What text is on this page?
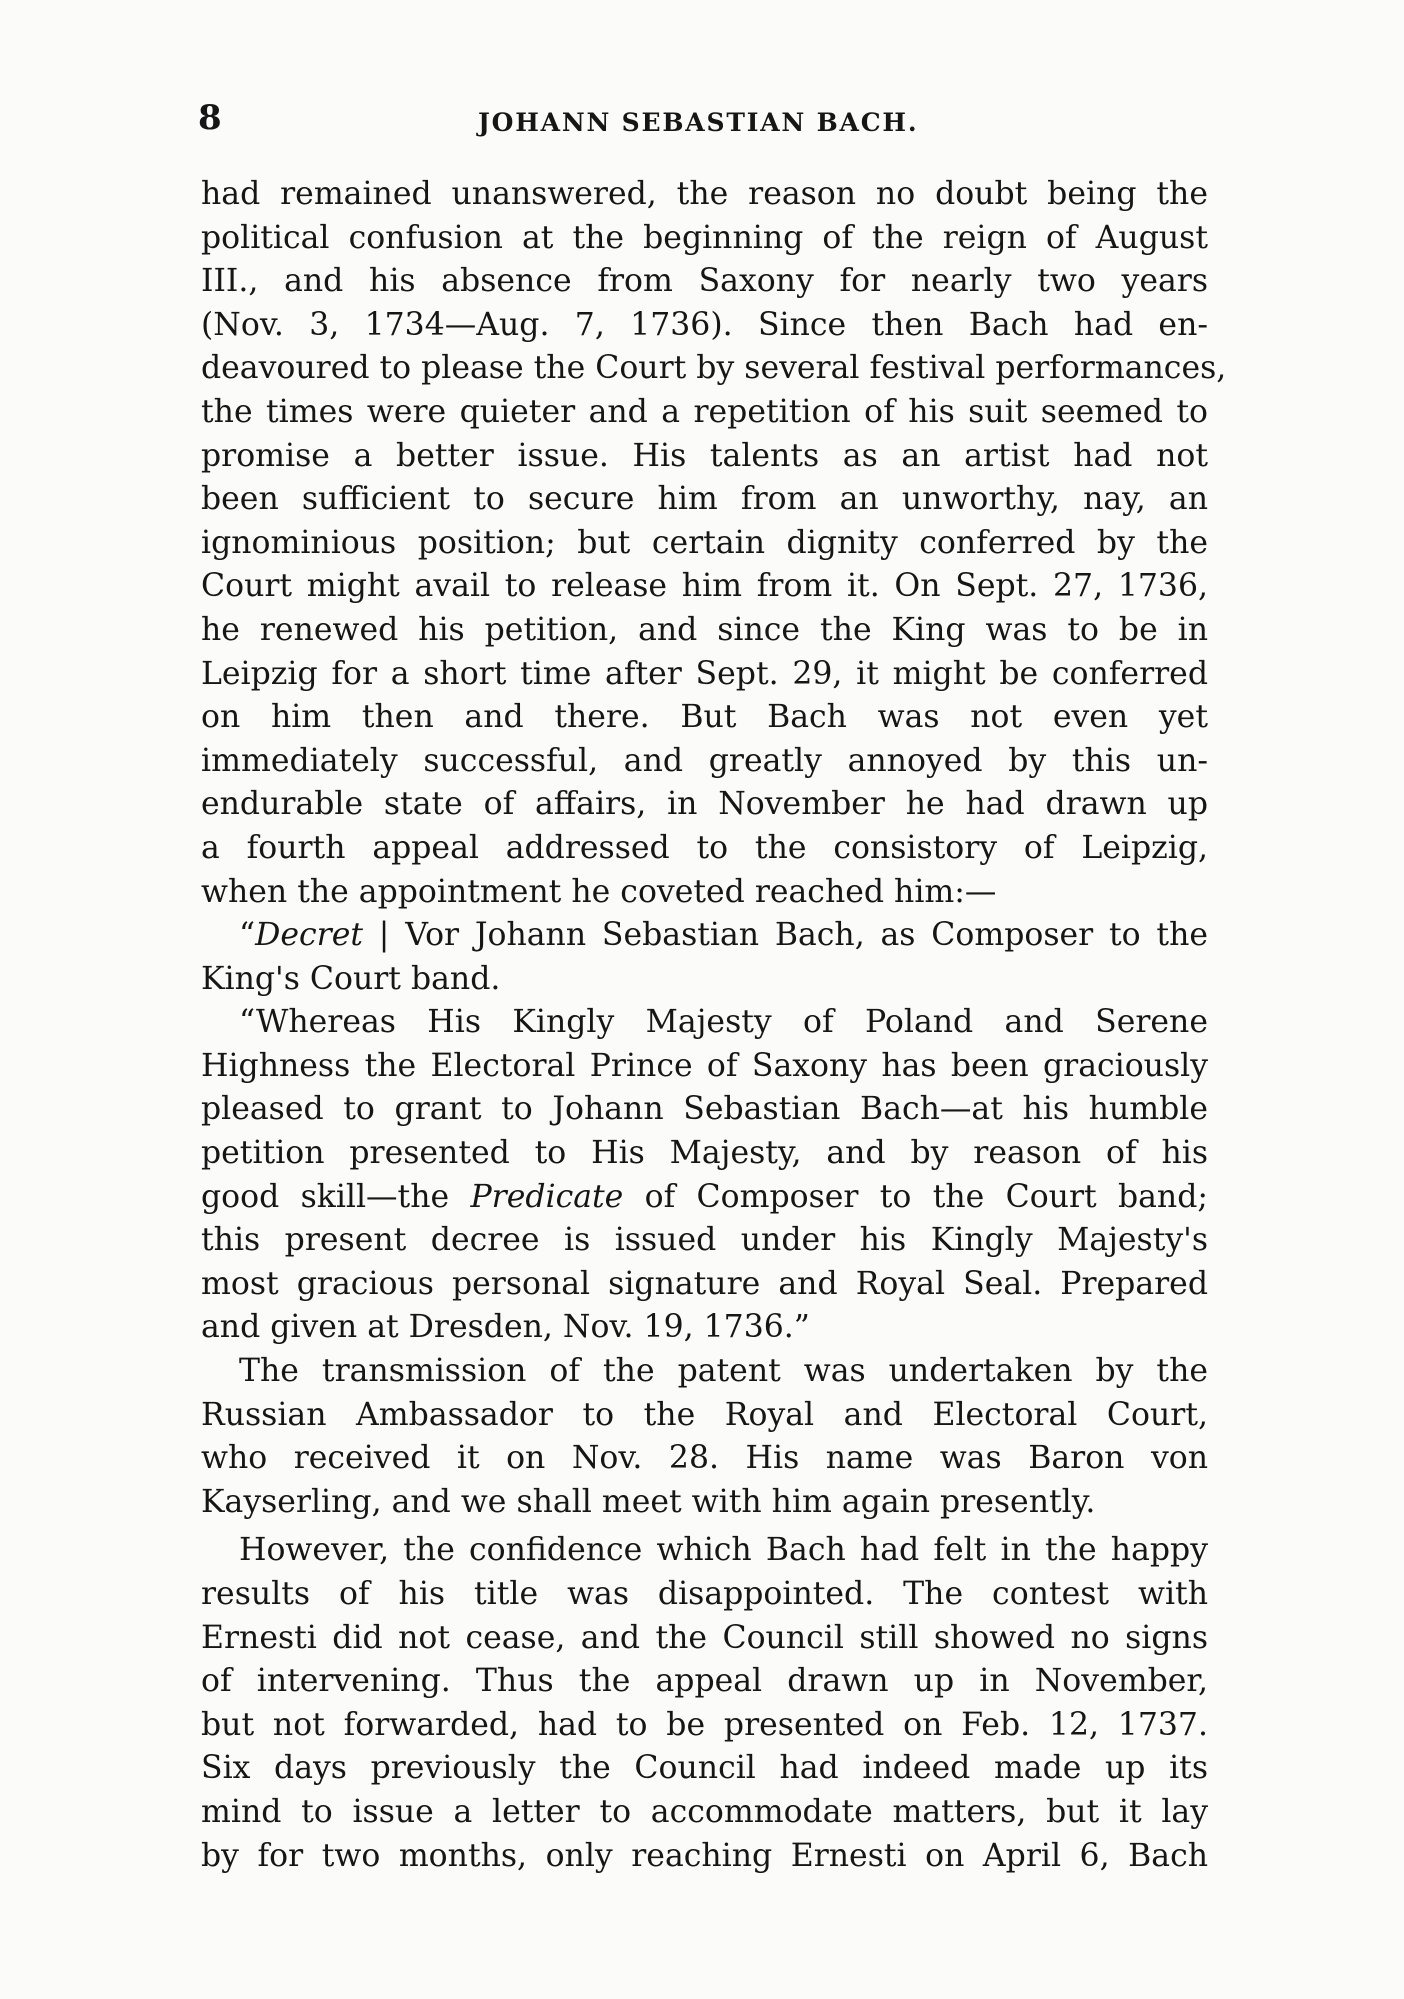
8	JOHANN SEBASTIAN BACH.
had remained unanswered, the reason no doubt being the
political confusion at the beginning of the reign of August
III., and his absence from Saxony for nearly two years
(Nov. 3, 1734—Aug. 7, 1736). Since then Bach had en-
deavoured to please the Court by several festival performances,
the times were quieter and a repetition of his suit seemed to
promise a better issue. His talents as an artist had not
been sufficient to secure him from an unworthy, nay, an
ignominious position; but certain dignity conferred by the
Court might avail to release him from it. On Sept. 27, 1736,
he renewed his petition, and since the King was to be in
Leipzig for a short time after Sept. 29, it might be conferred
on him then and there. But Bach was not even yet
immediately successful, and greatly annoyed by this un-
endurable state of affairs, in November he had drawn up
a fourth appeal addressed to the consistory of Leipzig,
when the appointment he coveted reached him:—
“Decret | Vor Johann Sebastian Bach, as Composer to the
King's Court band.
“Whereas His Kingly Majesty of Poland and Serene
Highness the Electoral Prince of Saxony has been graciously
pleased to grant to Johann Sebastian Bach—at his humble
petition presented to His Majesty, and by reason of his
good skill—the Predicate of Composer to the Court band;
this present decree is issued under his Kingly Majesty's
most gracious personal signature and Royal Seal. Prepared
and given at Dresden, Nov. 19, 1736.”
The transmission of the patent was undertaken by the
Russian Ambassador to the Royal and Electoral Court,
who received it on Nov. 28. His name was Baron von
Kayserling, and we shall meet with him again presently.
However, the confidence which Bach had felt in the happy
results of his title was disappointed. The contest with
Ernesti did not cease, and the Council still showed no signs
of intervening. Thus the appeal drawn up in November,
but not forwarded, had to be presented on Feb. 12, 1737.
Six days previously the Council had indeed made up its
mind to issue a letter to accommodate matters, but it lay
by for two months, only reaching Ernesti on April 6, Bach
